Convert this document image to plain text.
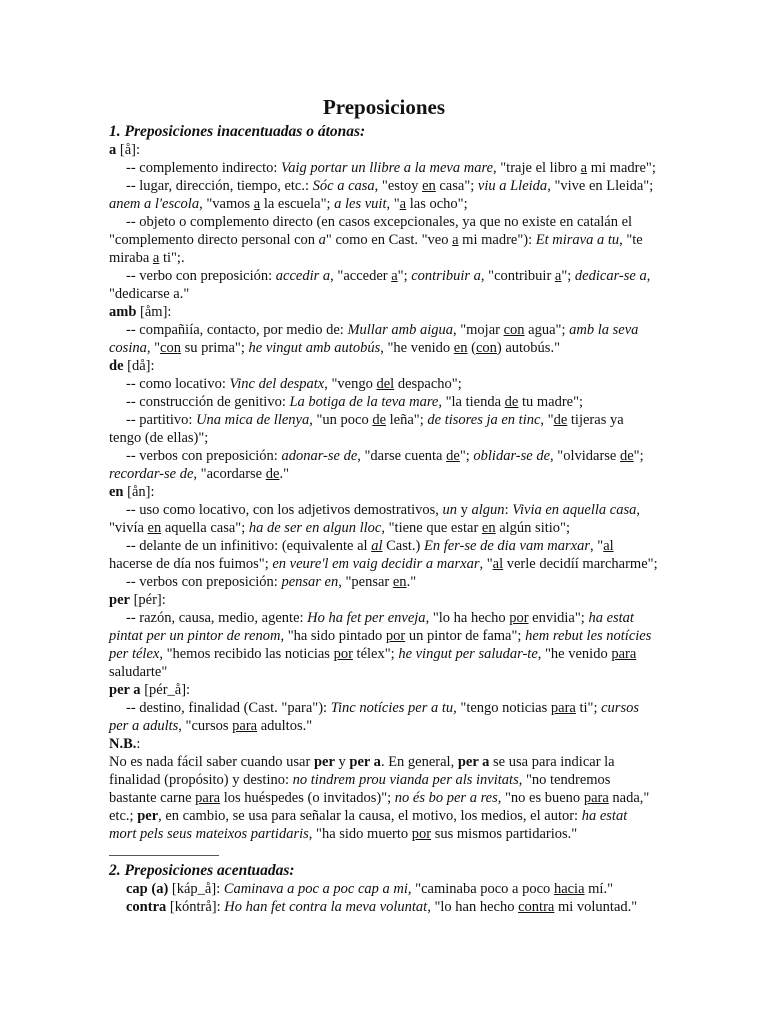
Preposiciones
1. Preposiciones inacentuadas o átonas:
a [å]:
-- complemento indirecto: Vaig portar un llibre a la meva mare, "traje el libro a mi madre";
-- lugar, dirección, tiempo, etc.: Sóc a casa, "estoy en casa"; viu a Lleida, "vive en Lleida"; anem a l'escola, "vamos a la escuela"; a les vuit, "a las ocho";
-- objeto o complemento directo (en casos excepcionales, ya que no existe en catalán el "complemento directo personal con a" como en Cast. "veo a mi madre"): Et mirava a tu, "te miraba a ti";.
-- verbo con preposición: accedir a, "acceder a"; contribuir a, "contribuir a"; dedicar-se a, "dedicarse a."
amb [åm]:
-- compañiía, contacto, por medio de: Mullar amb aigua, "mojar con agua"; amb la seva cosina, "con su prima"; he vingut amb autobús, "he venido en (con) autobús."
de [då]:
-- como locativo: Vinc del despatx, "vengo del despacho";
-- construcción de genitivo: La botiga de la teva mare, "la tienda de tu madre";
-- partitivo: Una mica de llenya, "un poco de leña"; de tisores ja en tinc, "de tijeras ya tengo (de ellas)";
-- verbos con preposición: adonar-se de, "darse cuenta de"; oblidar-se de, "olvidarse de"; recordar-se de, "acordarse de."
en [ån]:
-- uso como locativo, con los adjetivos demostrativos, un y algun: Vivia en aquella casa, "vivía en aquella casa"; ha de ser en algun lloc, "tiene que estar en algún sitio";
-- delante de un infinitivo: (equivalente al al Cast.) En fer-se de dia vam marxar, "al hacerse de día nos fuimos"; en veure'l em vaig decidir a marxar, "al verle decidíí marcharme";
-- verbos con preposición: pensar en, "pensar en."
per [pér]:
-- razón, causa, medio, agente: Ho ha fet per enveja, "lo ha hecho por envidia"; ha estat pintat per un pintor de renom, "ha sido pintado por un pintor de fama"; hem rebut les notícies per télex, "hemos recibido las noticias por télex"; he vingut per saludar-te, "he venido para saludarte"
per a [pér_å]:
-- destino, finalidad (Cast. "para"): Tinc notícies per a tu, "tengo noticias para ti"; cursos per a adults, "cursos para adultos."
N.B.:
No es nada fácil saber cuando usar per y per a. En general, per a se usa para indicar la finalidad (propósito) y destino: no tindrem prou vianda per als invitats, "no tendremos bastante carne para los huéspedes (o invitados)"; no és bo per a res, "no es bueno para nada," etc.; per, en cambio, se usa para señalar la causa, el motivo, los medios, el autor: ha estat mort pels seus mateixos partidaris, "ha sido muerto por sus mismos partidarios."
2. Preposiciones acentuadas:
cap (a) [káp_å]: Caminava a poc a poc cap a mi, "caminaba poco a poco hacia mí."
contra [kóntrå]: Ho han fet contra la meva voluntat, "lo han hecho contra mi voluntad."
